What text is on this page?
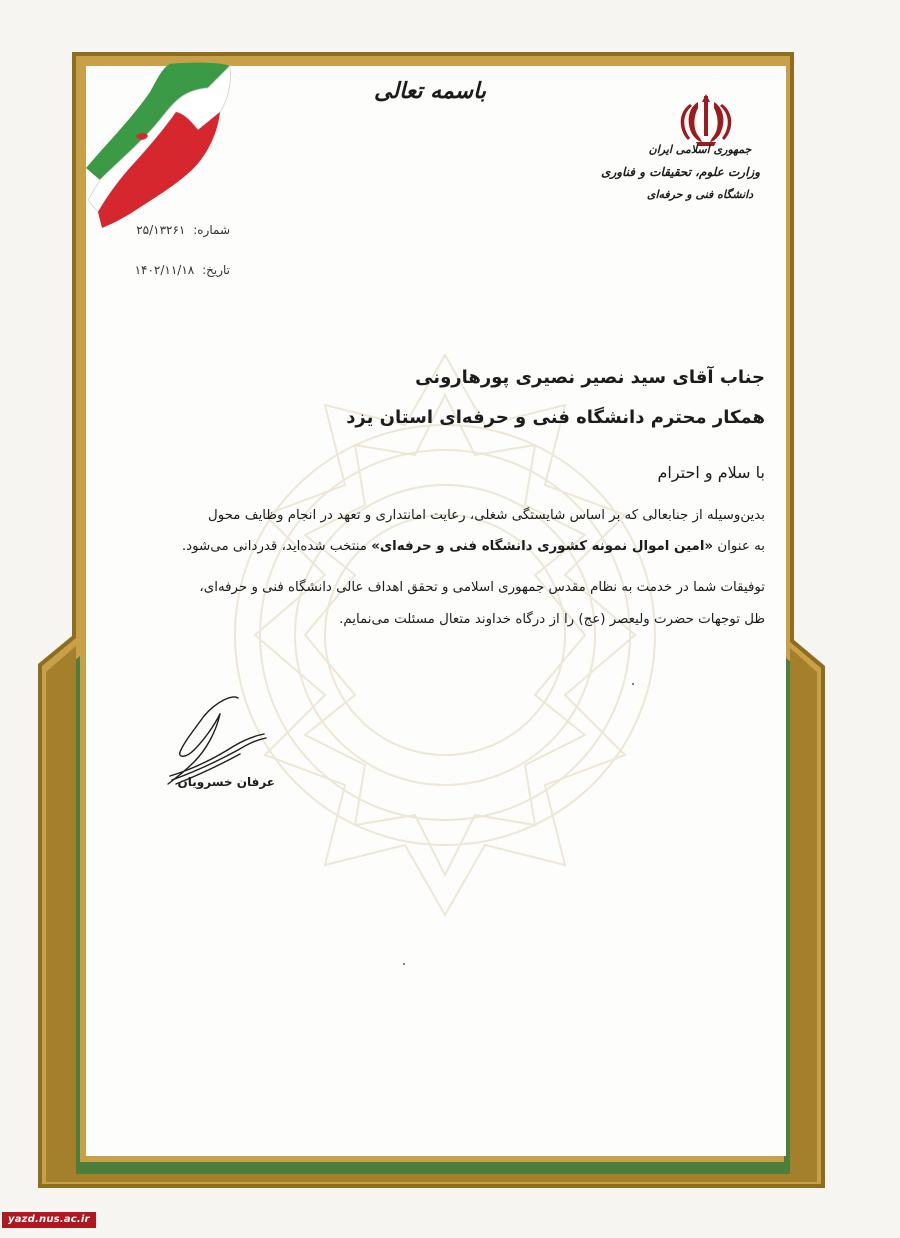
باسمه تعالی
جمهوری اسلامی ایران
وزارت علوم، تحقیقات و فناوری
دانشگاه فنی و حرفه‌ای
شماره: ۲۵/۱۳۲۶۱
تاریخ: ۱۴۰۲/۱۱/۱۸
جناب آقای سید نصیر نصیری پورهارونی
همکار محترم دانشگاه فنی و حرفه‌ای استان یزد
با سلام و احترام
بدین‌وسیله از جنابعالی که بر اساس شایستگی شغلی، رعایت امانتداری و تعهد در انجام وظایف محول
به عنوان «امین اموال نمونه کشوری دانشگاه فنی و حرفه‌ای» منتخب شده‌اید، قدردانی می‌شود.
توفیقات شما در خدمت به نظام مقدس جمهوری اسلامی و تحقق اهداف عالی دانشگاه فنی و حرفه‌ای،
ظل توجهات حضرت ولیعصر (عج) را از درگاه خداوند متعال مسئلت می‌نمایم.
عرفان خسرویان
yazd.nus.ac.ir
